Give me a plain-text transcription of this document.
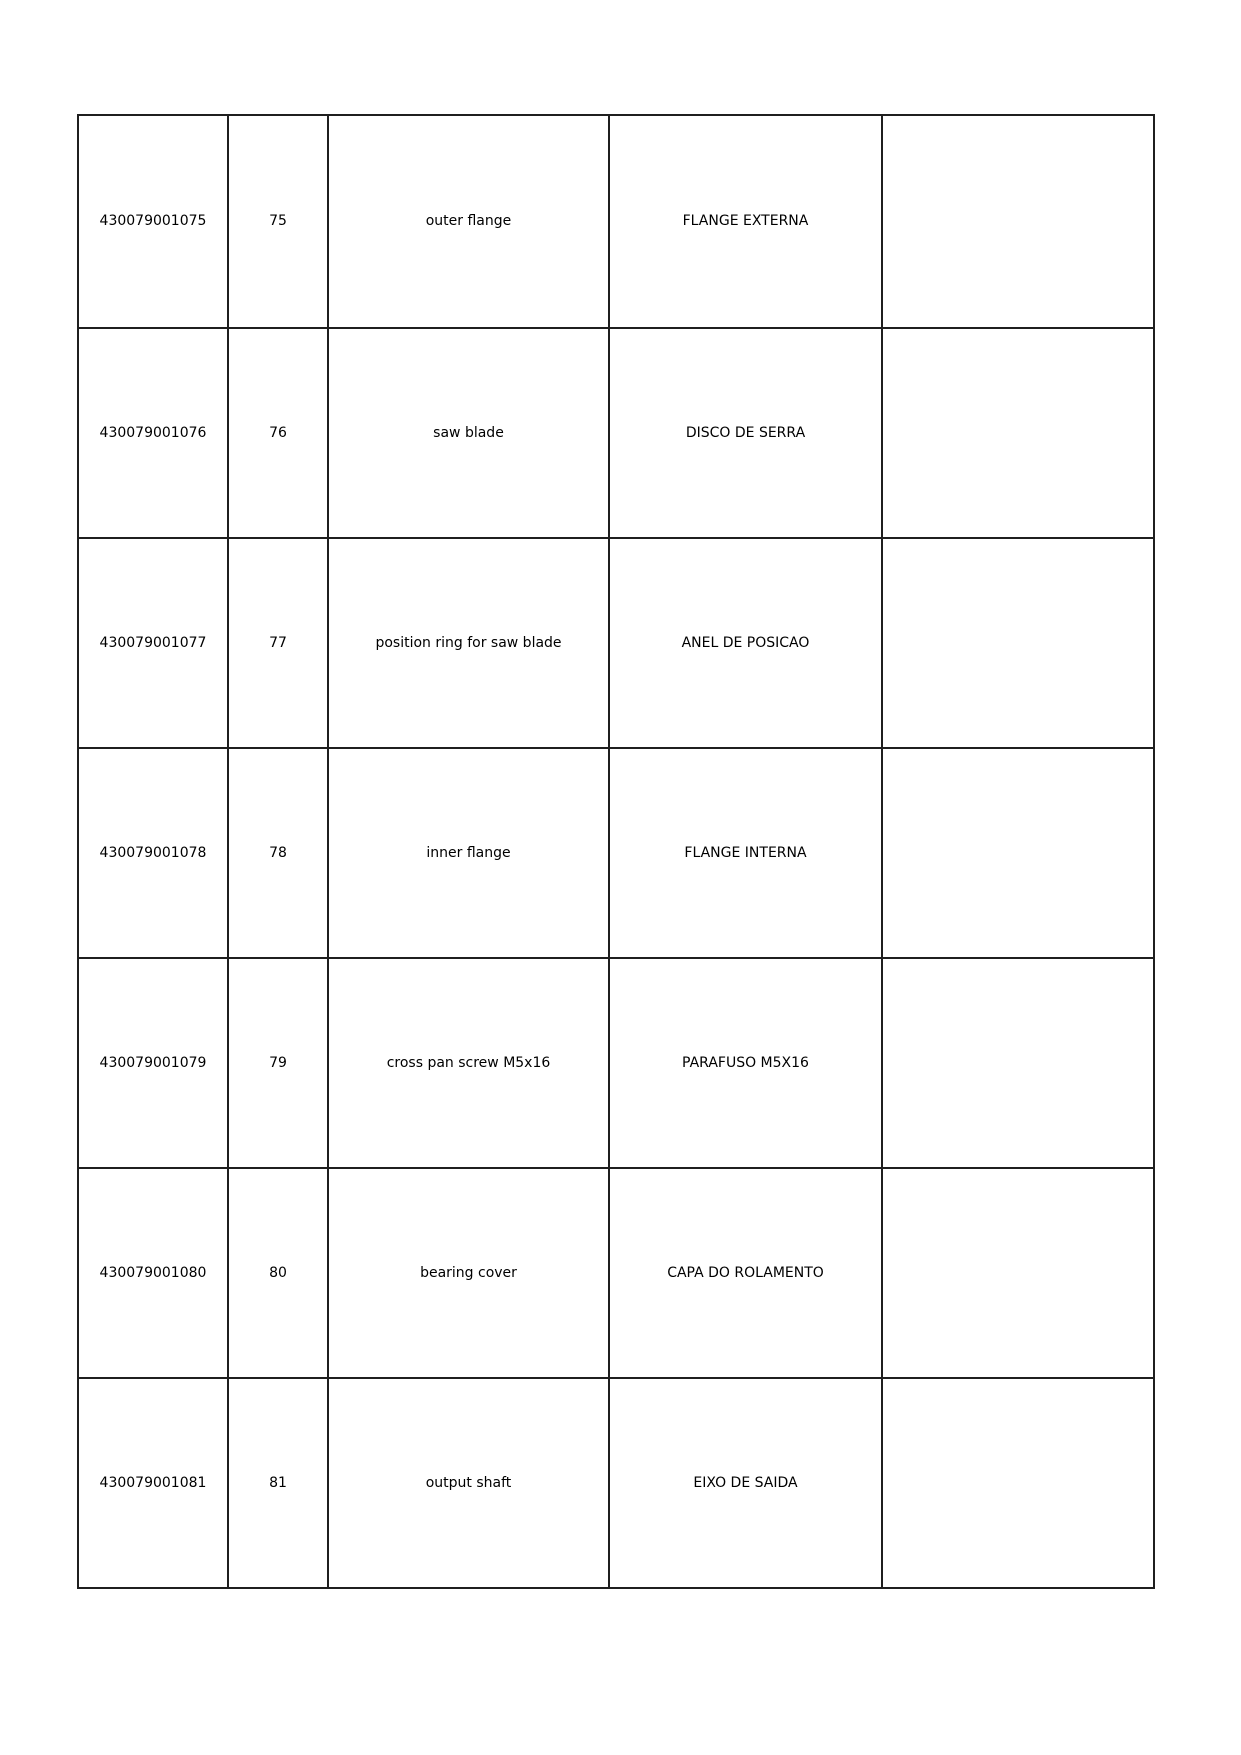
430079001075	75	outer flange	FLANGE EXTERNA	
430079001076	76	saw blade	DISCO DE SERRA	
430079001077	77	position ring for saw blade	ANEL DE POSICAO	
430079001078	78	inner flange	FLANGE INTERNA	
430079001079	79	cross pan screw M5x16	PARAFUSO M5X16	
430079001080	80	bearing cover	CAPA DO ROLAMENTO	
430079001081	81	output shaft	EIXO DE SAIDA	
